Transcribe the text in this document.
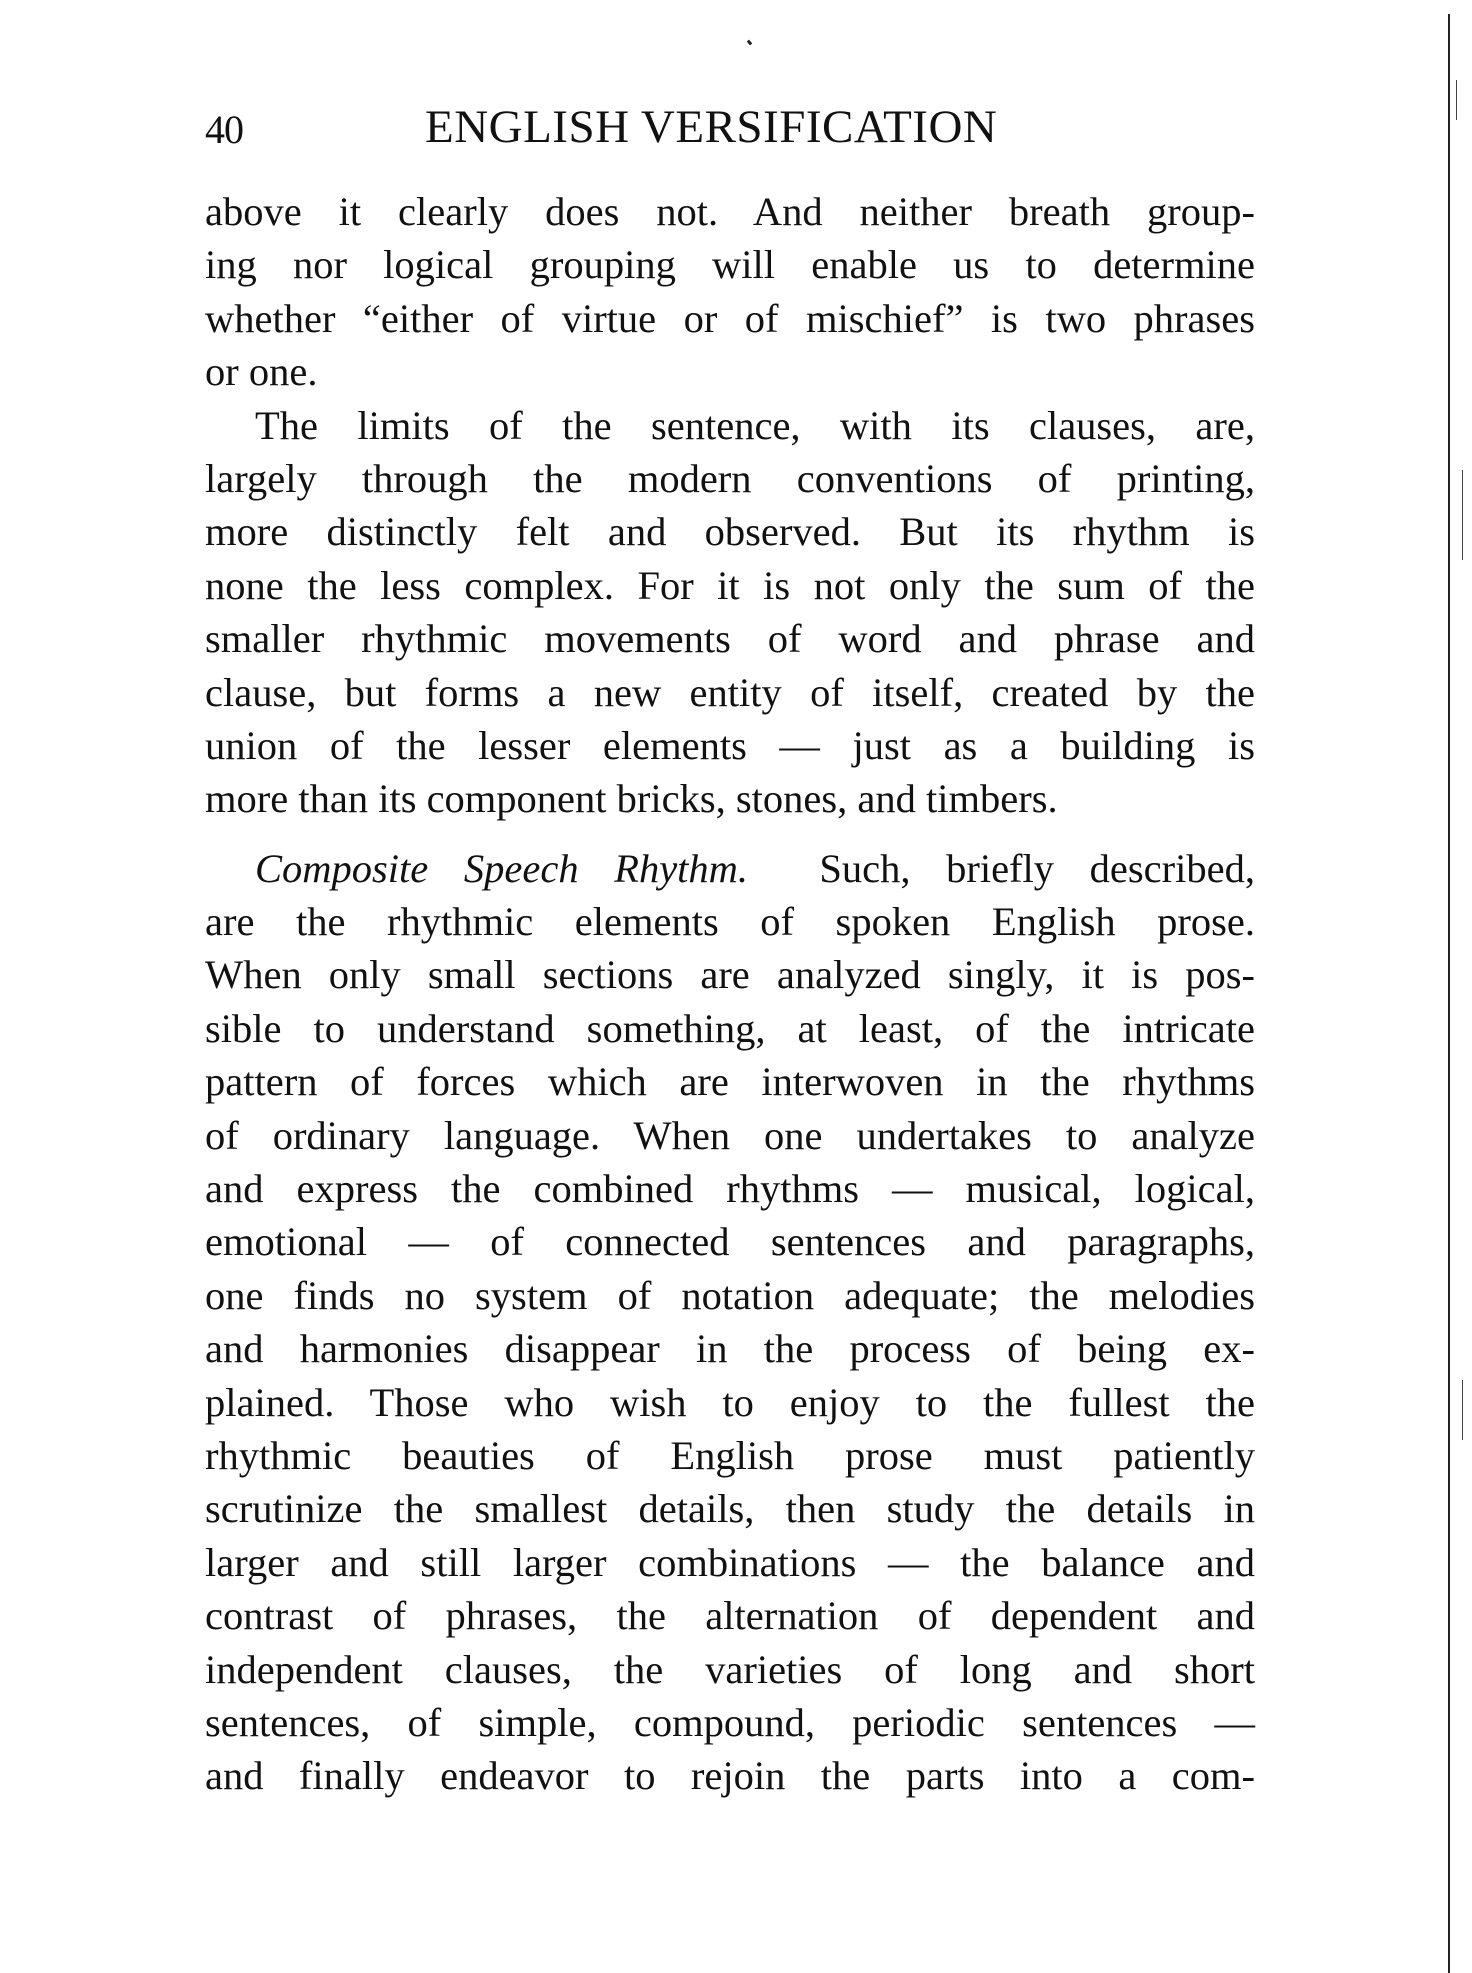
40	ENGLISH VERSIFICATION
above it clearly does not. And neither breath group-
ing nor logical grouping will enable us to determine
whether “either of virtue or of mischief” is two phrases
or one.
The limits of the sentence, with its clauses, are,
largely through the modern conventions of printing,
more distinctly felt and observed. But its rhythm is
none the less complex. For it is not only the sum of the
smaller rhythmic movements of word and phrase and
clause, but forms a new entity of itself, created by the
union of the lesser elements — just as a building is
more than its component bricks, stones, and timbers.
Composite Speech Rhythm. Such, briefly described,
are the rhythmic elements of spoken English prose.
When only small sections are analyzed singly, it is pos-
sible to understand something, at least, of the intricate
pattern of forces which are interwoven in the rhythms
of ordinary language. When one undertakes to analyze
and express the combined rhythms — musical, logical,
emotional — of connected sentences and paragraphs,
one finds no system of notation adequate; the melodies
and harmonies disappear in the process of being ex-
plained. Those who wish to enjoy to the fullest the
rhythmic beauties of English prose must patiently
scrutinize the smallest details, then study the details in
larger and still larger combinations — the balance and
contrast of phrases, the alternation of dependent and
independent clauses, the varieties of long and short
sentences, of simple, compound, periodic sentences —
and finally endeavor to rejoin the parts into a com-
